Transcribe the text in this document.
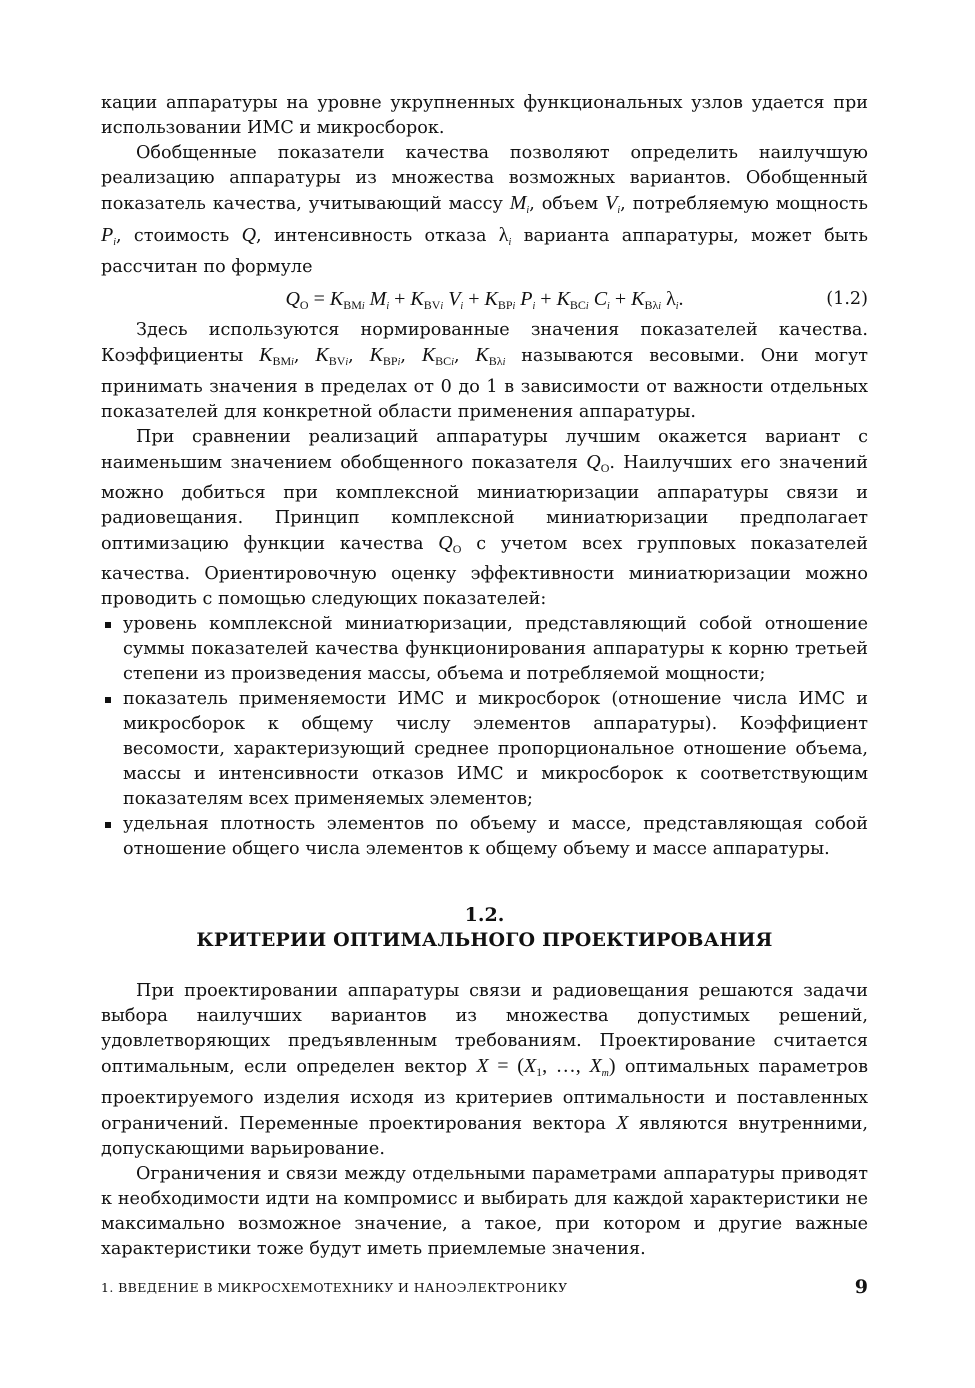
кации аппаратуры на уровне укрупненных функциональных узлов удается при использовании ИМС и микросборок.

Обобщенные показатели качества позволяют определить наилучшую реализацию аппаратуры из множества возможных вариантов. Обобщенный показатель качества, учитывающий массу $M_i$, объем $V_i$, потребляемую мощность $P_i$, стоимость Q, интенсивность отказа $\lambda_i$ варианта аппаратуры, может быть рассчитан по формуле

$Q_O = K_{BMi}$ $M_i + K_{BVi}$ $V_i + K_{BPi}$ $P_i + K_{BCi}$ $C_i + K_{B\lambda i}$ $\lambda_i$.	(1.2)

Здесь используются нормированные значения показателей качества. Коэффициенты $K_{BMi}$, $K_{BVi}$, $K_{BPi}$, $K_{BCi}$, $K_{B\lambda i}$ называются весовыми. Они могут принимать значения в пределах от 0 до 1 в зависимости от важности отдельных показателей для конкретной области применения аппаратуры.

При сравнении реализаций аппаратуры лучшим окажется вариант с наименьшим значением обобщенного показателя $Q_O$. Наилучших его значений можно добиться при комплексной миниатюризации аппаратуры связи и радиовещания. Принцип комплексной миниатюризации предполагает оптимизацию функции качества $Q_O$ с учетом всех групповых показателей качества. Ориентировочную оценку эффективности миниатюризации можно проводить с помощью следующих показателей:

уровень комплексной миниатюризации, представляющий собой отношение суммы показателей качества функционирования аппаратуры к корню третьей степени из произведения массы, объема и потребляемой мощности;
показатель применяемости ИМС и микросборок (отношение числа ИМС и микросборок к общему числу элементов аппаратуры). Коэффициент весомости, характеризующий среднее пропорциональное отношение объема, массы и интенсивности отказов ИМС и микросборок к соответствующим показателям всех применяемых элементов;
удельная плотность элементов по объему и массе, представляющая собой отношение общего числа элементов к общему объему и массе аппаратуры.
1.2.
КРИТЕРИИ ОПТИМАЛЬНОГО ПРОЕКТИРОВАНИЯ

При проектировании аппаратуры связи и радиовещания решаются задачи выбора наилучших вариантов из множества допустимых решений, удовлетворяющих предъявленным требованиям. Проектирование считается оптимальным, если определен вектор $X = (X_1$, …, $X_m$) оптимальных параметров проектируемого изделия исходя из критериев оптимальности и поставленных ограничений. Переменные проектирования вектора X являются внутренними, допускающими варьирование.

Ограничения и связи между отдельными параметрами аппаратуры приводят к необходимости идти на компромисс и выбирать для каждой характеристики не максимально возможное значение, а такое, при котором и другие важные характеристики тоже будут иметь приемлемые значения.

1. ВВЕДЕНИЕ В МИКРОСХЕМОТЕХНИКУ И НАНОЭЛЕКТРОНИКУ	9
